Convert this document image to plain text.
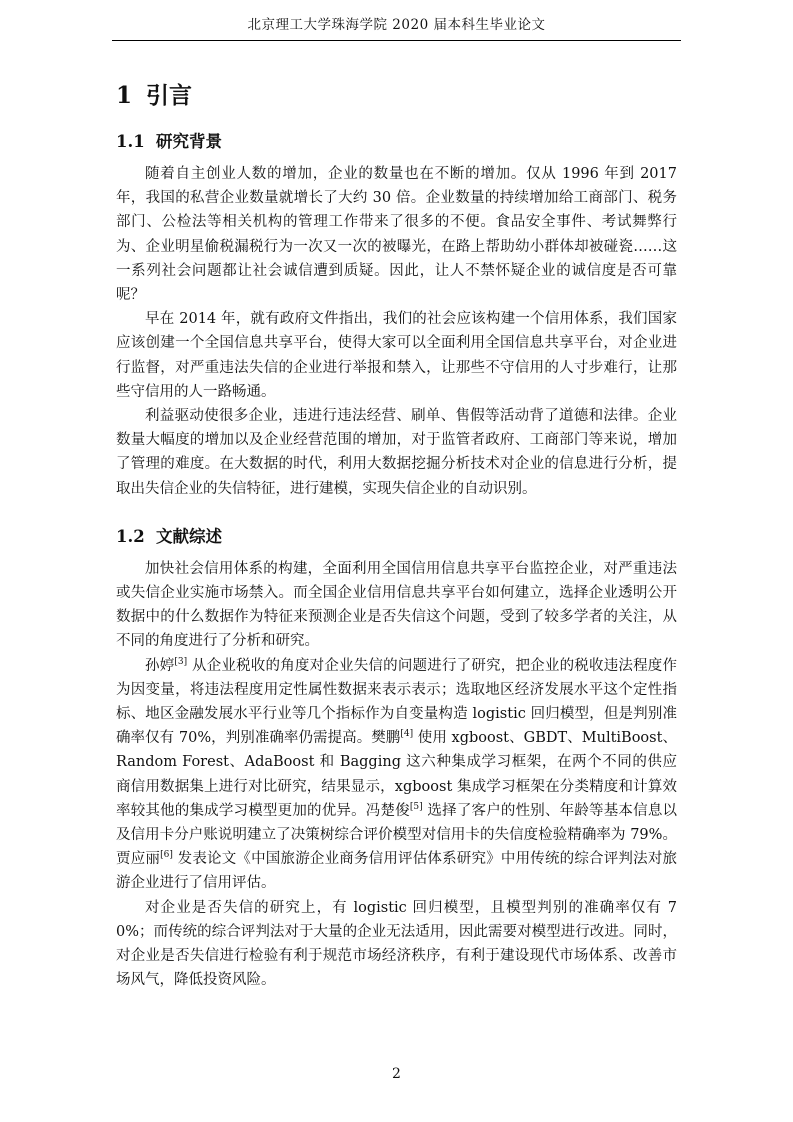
北京理工大学珠海学院 2020 届本科生毕业论文
1 引言
1.1 研究背景

随着自主创业人数的增加，企业的数量也在不断的增加。仅从 1996 年到 2017 年，我国的私营企业数量就增长了大约 30 倍。企业数量的持续增加给工商部门、税务部门、公检法等相关机构的管理工作带来了很多的不便。食品安全事件、考试舞弊行为、企业明星偷税漏税行为一次又一次的被曝光，在路上帮助幼小群体却被碰瓷……这一系列社会问题都让社会诚信遭到质疑。因此，让人不禁怀疑企业的诚信度是否可靠呢？

早在 2014 年，就有政府文件指出，我们的社会应该构建一个信用体系，我们国家应该创建一个全国信息共享平台，使得大家可以全面利用全国信息共享平台，对企业进行监督，对严重违法失信的企业进行举报和禁入，让那些不守信用的人寸步难行，让那些守信用的人一路畅通。

利益驱动使很多企业，违进行违法经营、刷单、售假等活动背了道德和法律。企业数量大幅度的增加以及企业经营范围的增加，对于监管者政府、工商部门等来说，增加了管理的难度。在大数据的时代，利用大数据挖掘分析技术对企业的信息进行分析，提取出失信企业的失信特征，进行建模，实现失信企业的自动识别。

1.2 文献综述

加快社会信用体系的构建，全面利用全国信用信息共享平台监控企业，对严重违法或失信企业实施市场禁入。而全国企业信用信息共享平台如何建立，选择企业透明公开数据中的什么数据作为特征来预测企业是否失信这个问题，受到了较多学者的关注，从不同的角度进行了分析和研究。

孙婷[3] 从企业税收的角度对企业失信的问题进行了研究，把企业的税收违法程度作为因变量，将违法程度用定性属性数据来表示表示；选取地区经济发展水平这个定性指标、地区金融发展水平行业等几个指标作为自变量构造 logistic 回归模型，但是判别准确率仅有 70%，判别准确率仍需提高。樊鹏[4] 使用 xgboost、GBDT、MultiBoost、Random Forest、AdaBoost 和 Bagging 这六种集成学习框架，在两个不同的供应商信用数据集上进行对比研究，结果显示，xgboost 集成学习框架在分类精度和计算效率较其他的集成学习模型更加的优异。冯楚俊[5] 选择了客户的性别、年龄等基本信息以及信用卡分户账说明建立了决策树综合评价模型对信用卡的失信度检验精确率为 79%。贾应丽[6] 发表论文《中国旅游企业商务信用评估体系研究》中用传统的综合评判法对旅游企业进行了信用评估。

对企业是否失信的研究上，有 logistic 回归模型，且模型判别的准确率仅有 70%；而传统的综合评判法对于大量的企业无法适用，因此需要对模型进行改进。同时，对企业是否失信进行检验有利于规范市场经济秩序，有利于建设现代市场体系、改善市场风气，降低投资风险。

2
